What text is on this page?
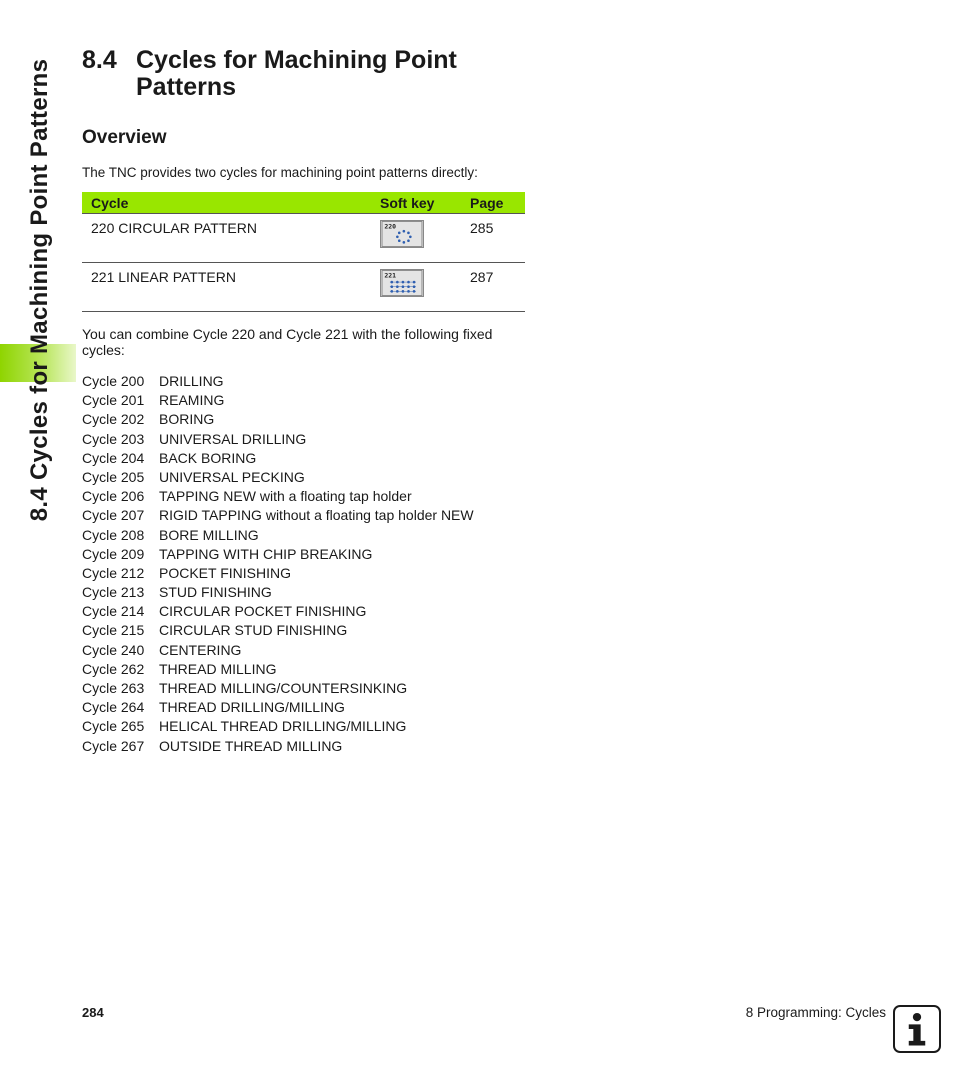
8.4 Cycles for Machining Point Patterns 8.4 Cycles for Machining Point Patterns
Overview
The TNC provides two cycles for machining point patterns directly:
Cycle	Soft key	Page
220 CIRCULAR PATTERN	220	285
221 LINEAR PATTERN	221	287
You can combine Cycle 220 and Cycle 221 with the following fixed cycles:
Cycle 200 DRILLING
Cycle 201 REAMING
Cycle 202 BORING
Cycle 203 UNIVERSAL DRILLING
Cycle 204 BACK BORING
Cycle 205 UNIVERSAL PECKING
Cycle 206 TAPPING NEW with a floating tap holder
Cycle 207 RIGID TAPPING without a floating tap holder NEW
Cycle 208 BORE MILLING
Cycle 209 TAPPING WITH CHIP BREAKING
Cycle 212 POCKET FINISHING
Cycle 213 STUD FINISHING
Cycle 214 CIRCULAR POCKET FINISHING
Cycle 215 CIRCULAR STUD FINISHING
Cycle 240 CENTERING
Cycle 262 THREAD MILLING
Cycle 263 THREAD MILLING/COUNTERSINKING
Cycle 264 THREAD DRILLING/MILLING
Cycle 265 HELICAL THREAD DRILLING/MILLING
Cycle 267 OUTSIDE THREAD MILLING
284	8 Programming: Cycles
